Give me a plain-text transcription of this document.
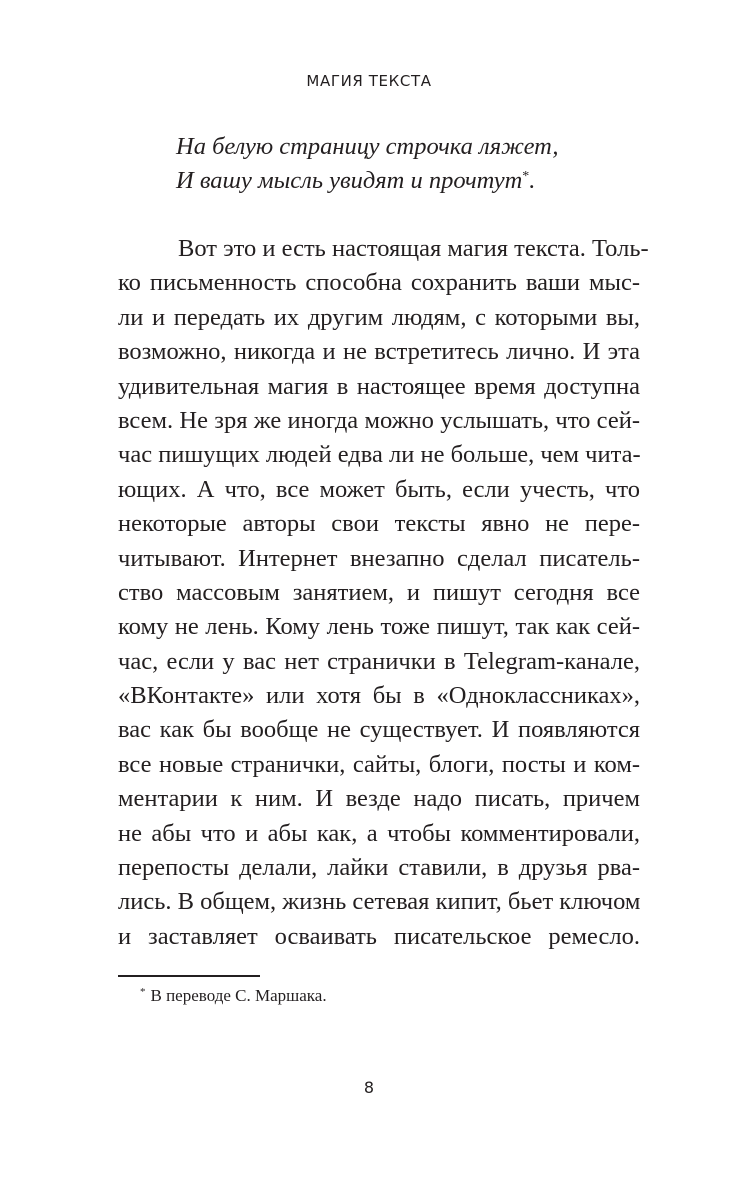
МАГИЯ ТЕКСТА
На белую страницу строчка ляжет,
И вашу мысль увидят и прочтут*.
Вот это и есть настоящая магия текста. Толь-
ко письменность способна сохранить ваши мыс-
ли и передать их другим людям, с которыми вы,
возможно, никогда и не встретитесь лично. И эта
удивительная магия в настоящее время доступна
всем. Не зря же иногда можно услышать, что сей-
час пишущих людей едва ли не больше, чем чита-
ющих. А что, все может быть, если учесть, что
некоторые авторы свои тексты явно не пере-
читывают. Интернет внезапно сделал писатель-
ство массовым занятием, и пишут сегодня все
кому не лень. Кому лень тоже пишут, так как сей-
час, если у вас нет странички в Telegram-канале,
«ВКонтакте» или хотя бы в «Одноклассниках»,
вас как бы вообще не существует. И появляются
все новые странички, сайты, блоги, посты и ком-
ментарии к ним. И везде надо писать, причем
не абы что и абы как, а чтобы комментировали,
перепосты делали, лайки ставили, в друзья рва-
лись. В общем, жизнь сетевая кипит, бьет ключом
и заставляет осваивать писательское ремесло.
* В переводе С. Маршака.
8
